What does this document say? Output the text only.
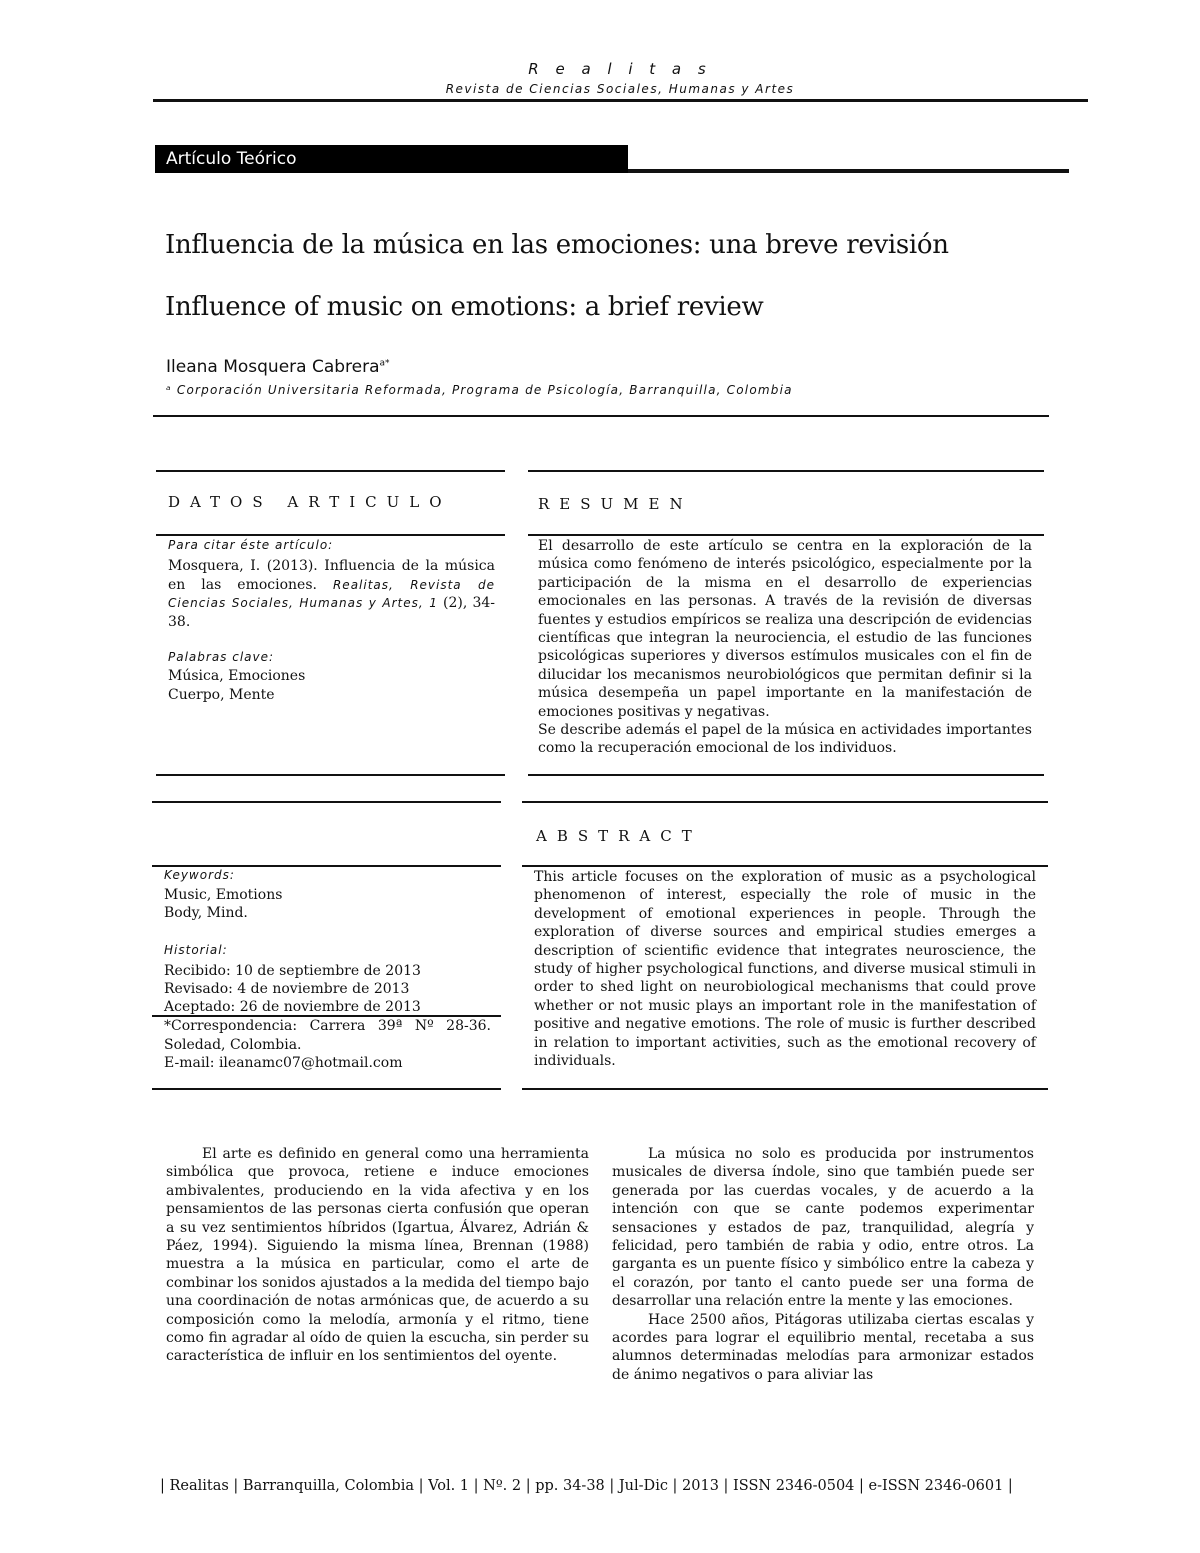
R e a l i t a s
Revista de Ciencias Sociales, Humanas y Artes
Artículo Teórico
Influencia de la música en las emociones: una breve revisión
Influence of music on emotions: a brief review
Ileana Mosquera Cabrera$^{a*}$
ᵃ Corporación Universitaria Reformada, Programa de Psicología, Barranquilla, Colombia
DATOS ARTICULO
Para citar éste artículo:
Mosquera, I. (2013). Influencia de la música en las emociones. Realitas, Revista de Ciencias Sociales, Humanas y Artes, 1 (2), 34-38.
Palabras clave:
Música, Emociones
Cuerpo, Mente
RESUMEN

El desarrollo de este artículo se centra en la exploración de la música como fenómeno de interés psicológico, especialmente por la participación de la misma en el desarrollo de experiencias emocionales en las personas. A través de la revisión de diversas fuentes y estudios empíricos se realiza una descripción de evidencias científicas que integran la neurociencia, el estudio de las funciones psicológicas superiores y diversos estímulos musicales con el fin de dilucidar los mecanismos neurobiológicos que permitan definir si la música desempeña un papel importante en la manifestación de emociones positivas y negativas.

Se describe además el papel de la música en actividades importantes como la recuperación emocional de los individuos.

ABSTRACT

This article focuses on the exploration of music as a psychological phenomenon of interest, especially the role of music in the development of emotional experiences in people. Through the exploration of diverse sources and empirical studies emerges a description of scientific evidence that integrates neuroscience, the study of higher psychological functions, and diverse musical stimuli in order to shed light on neurobiological mechanisms that could prove whether or not music plays an important role in the manifestation of positive and negative emotions. The role of music is further described in relation to important activities, such as the emotional recovery of individuals.

Keywords:
Music, Emotions
Body, Mind.
Historial:
Recibido: 10 de septiembre de 2013
Revisado: 4 de noviembre de 2013
Aceptado: 26 de noviembre de 2013
*Correspondencia: Carrera 39ª Nº 28-36. Soledad, Colombia.
E-mail: ileanamc07@hotmail.com

El arte es definido en general como una herramienta simbólica que provoca, retiene e induce emociones ambivalentes, produciendo en la vida afectiva y en los pensamientos de las personas cierta confusión que operan a su vez sentimientos híbridos (Igartua, Álvarez, Adrián & Páez, 1994). Siguiendo la misma línea, Brennan (1988) muestra a la música en particular, como el arte de combinar los sonidos ajustados a la medida del tiempo bajo una coordinación de notas armónicas que, de acuerdo a su composición como la melodía, armonía y el ritmo, tiene como fin agradar al oído de quien la escucha, sin perder su característica de influir en los sentimientos del oyente.

La música no solo es producida por instrumentos musicales de diversa índole, sino que también puede ser generada por las cuerdas vocales, y de acuerdo a la intención con que se cante podemos experimentar sensaciones y estados de paz, tranquilidad, alegría y felicidad, pero también de rabia y odio, entre otros. La garganta es un puente físico y simbólico entre la cabeza y el corazón, por tanto el canto puede ser una forma de desarrollar una relación entre la mente y las emociones.

Hace 2500 años, Pitágoras utilizaba ciertas escalas y acordes para lograr el equilibrio mental, recetaba a sus alumnos determinadas melodías para armonizar estados de ánimo negativos o para aliviar las

| Realitas | Barranquilla, Colombia | Vol. 1 | Nº. 2 | pp. 34-38 | Jul-Dic | 2013 | ISSN 2346-0504 | e-ISSN 2346-0601 |
